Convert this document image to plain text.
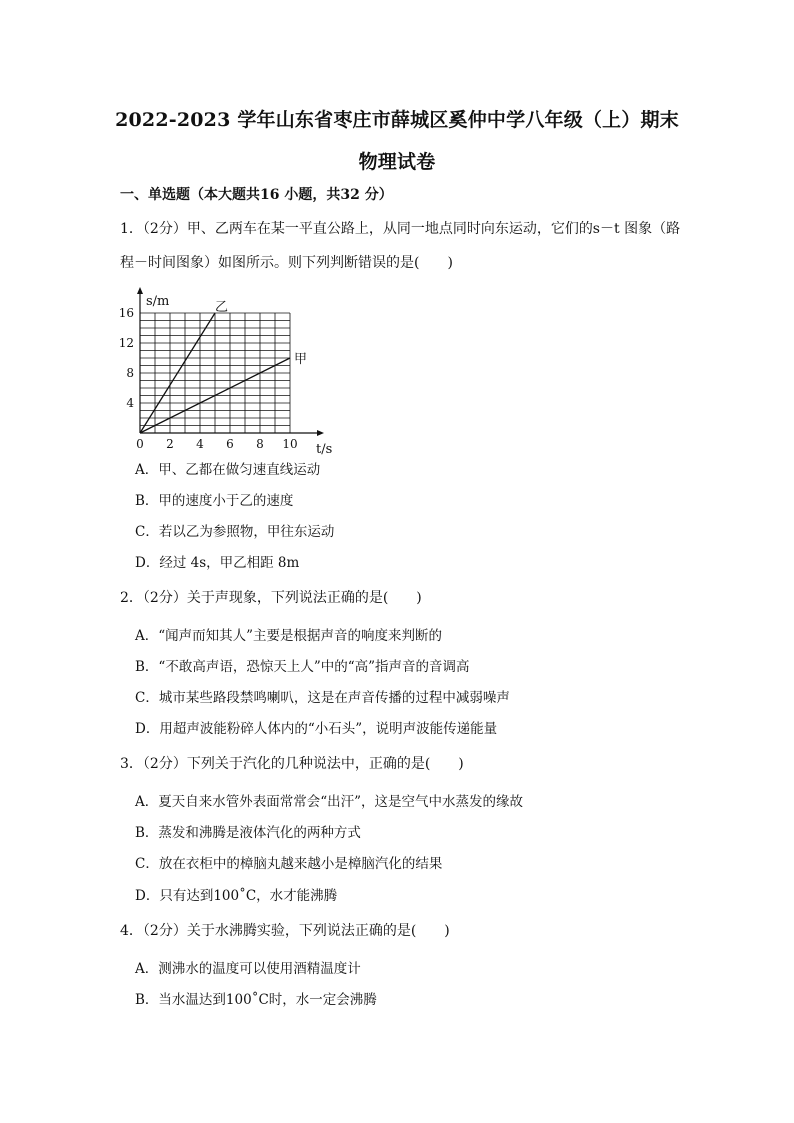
2022-2023 学年山东省枣庄市薛城区奚仲中学八年级（上）期末
物理试卷
一、单选题（本大题共16 小题，共32 分）
1．（2分）甲、乙两车在某一平直公路上，从同一地点同时向东运动，它们的s－t 图象（路
程－时间图象）如图所示。则下列判断错误的是(　　)
0 2 4 6 8 10
4
8
12
16
t/s
s/m	乙
甲
A．甲、乙都在做匀速直线运动
B．甲的速度小于乙的速度
C．若以乙为参照物，甲往东运动
D．经过 4s，甲乙相距 8m
2．（2分）关于声现象，下列说法正确的是(　　)
A．“闻声而知其人”主要是根据声音的响度来判断的
B．“不敢高声语，恐惊天上人”中的“高”指声音的音调高
C．城市某些路段禁鸣喇叭，这是在声音传播的过程中减弱噪声
D．用超声波能粉碎人体内的“小石头”，说明声波能传递能量
3．（2分）下列关于汽化的几种说法中，正确的是(　　)
A．夏天自来水管外表面常常会“出汗”，这是空气中水蒸发的缘故
B．蒸发和沸腾是液体汽化的两种方式
C．放在衣柜中的樟脑丸越来越小是樟脑汽化的结果
D．只有达到100˚C，水才能沸腾
4．（2分）关于水沸腾实验，下列说法正确的是(　　)
A．测沸水的温度可以使用酒精温度计
B．当水温达到100˚C时，水一定会沸腾
